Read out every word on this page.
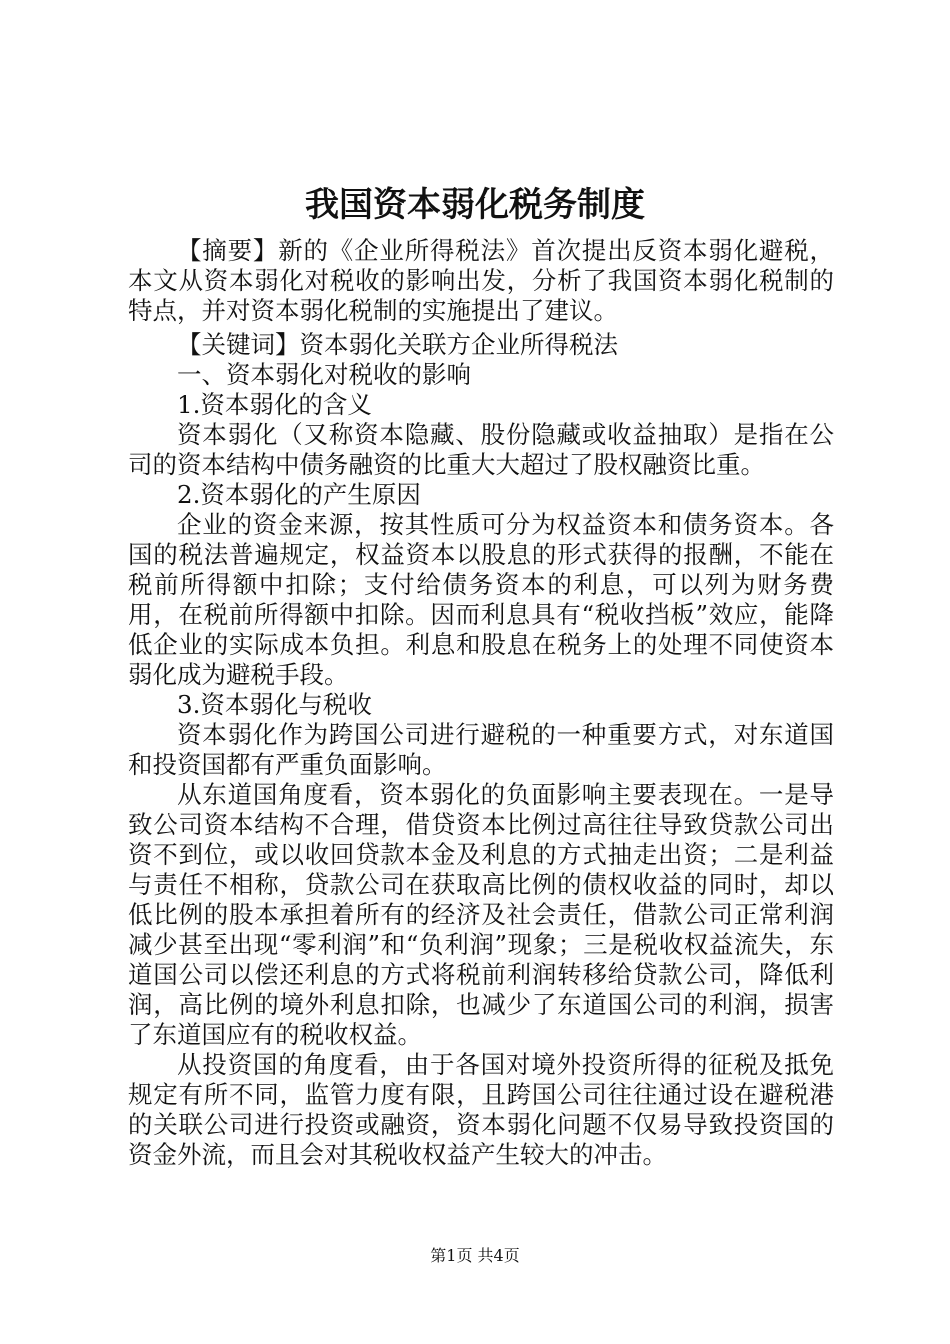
我国资本弱化税务制度

【摘要】新的《企业所得税法》首次提出反资本弱化避税，本文从资本弱化对税收的影响出发，分析了我国资本弱化税制的特点，并对资本弱化税制的实施提出了建议。

【关键词】资本弱化关联方企业所得税法

一、资本弱化对税收的影响

1.资本弱化的含义

资本弱化（又称资本隐藏、股份隐藏或收益抽取）是指在公司的资本结构中债务融资的比重大大超过了股权融资比重。

2.资本弱化的产生原因

企业的资金来源，按其性质可分为权益资本和债务资本。各国的税法普遍规定，权益资本以股息的形式获得的报酬，不能在税前所得额中扣除；支付给债务资本的利息，可以列为财务费用，在税前所得额中扣除。因而利息具有“税收挡板”效应，能降低企业的实际成本负担。利息和股息在税务上的处理不同使资本弱化成为避税手段。

3.资本弱化与税收

资本弱化作为跨国公司进行避税的一种重要方式，对东道国和投资国都有严重负面影响。

从东道国角度看，资本弱化的负面影响主要表现在。一是导致公司资本结构不合理，借贷资本比例过高往往导致贷款公司出资不到位，或以收回贷款本金及利息的方式抽走出资；二是利益与责任不相称，贷款公司在获取高比例的债权收益的同时，却以低比例的股本承担着所有的经济及社会责任，借款公司正常利润减少甚至出现“零利润”和“负利润”现象；三是税收权益流失，东道国公司以偿还利息的方式将税前利润转移给贷款公司，降低利润，高比例的境外利息扣除，也减少了东道国公司的利润，损害了东道国应有的税收权益。

从投资国的角度看，由于各国对境外投资所得的征税及抵免规定有所不同，监管力度有限，且跨国公司往往通过设在避税港的关联公司进行投资或融资，资本弱化问题不仅易导致投资国的资金外流，而且会对其税收权益产生较大的冲击。

第1页 共4页
